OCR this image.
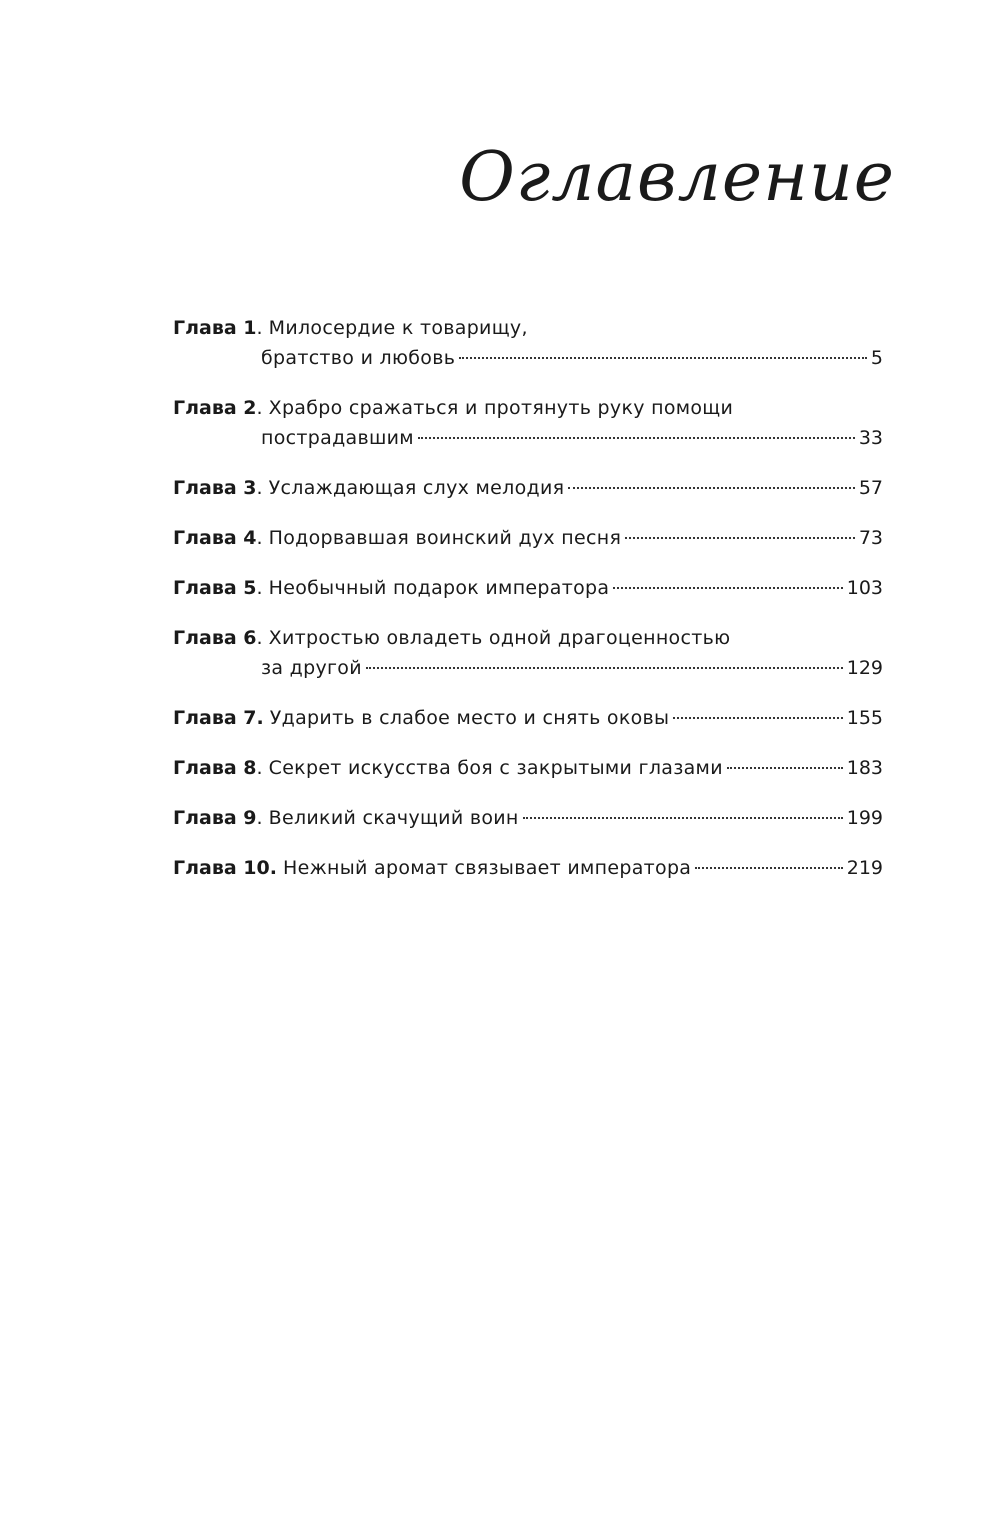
Оглавление
Глава 1 . Милосердие к товарищу,
братство и любовь	5
Глава 2 . Храбро сражаться и протянуть руку помощи
пострадавшим	33
Глава 3 . Услаждающая слух мелодия	57
Глава 4 . Подорвавшая воинский дух песня	73
Глава 5 . Необычный подарок императора	103
Глава 6 . Хитростью овладеть одной драгоценностью
за другой	129
Глава 7.
Ударить в слабое место и снять оковы	155
Глава 8 . Секрет искусства боя с закрытыми глазами	183
Глава 9 . Великий скачущий воин	199
Глава 10.
Нежный аромат связывает императора	219
